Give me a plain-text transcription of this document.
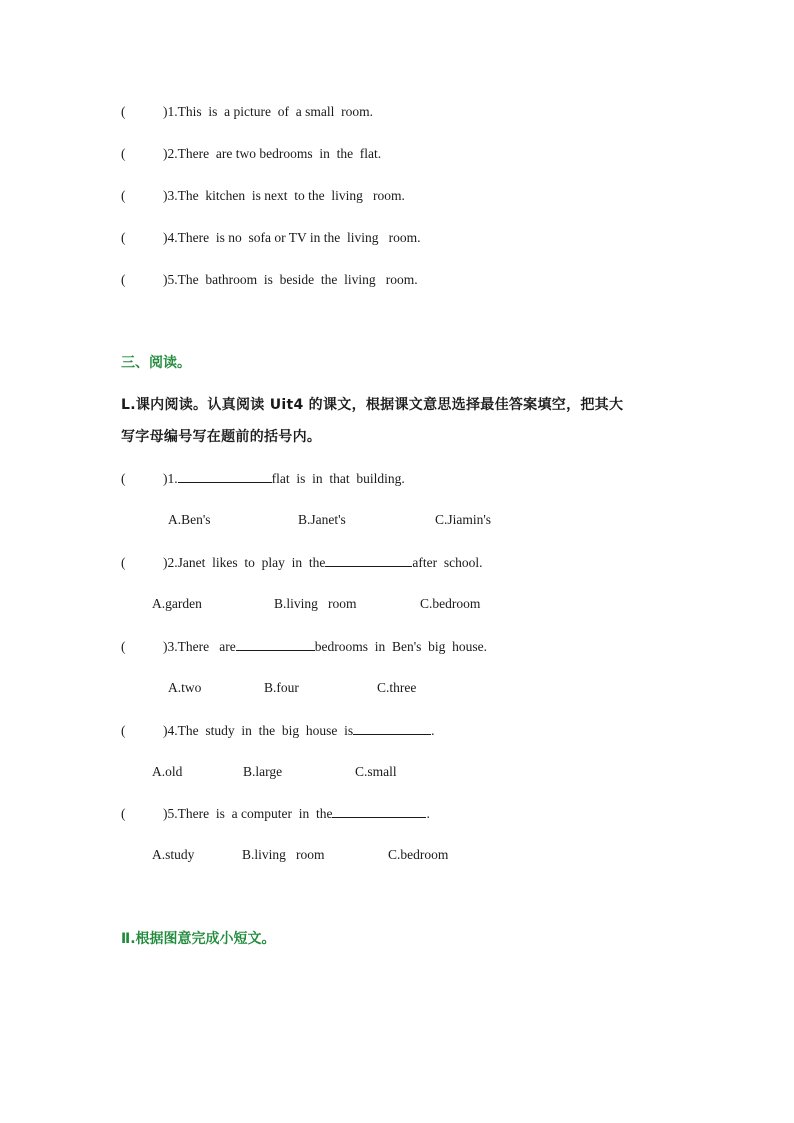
(	)1.This  is  a picture  of  a small  room.
(	)2.There  are two bedrooms  in  the  flat.
(	)3.The  kitchen  is next  to the  living   room.
(	)4.There  is no  sofa or TV in the  living   room.
(	)5.The  bathroom  is  beside  the  living   room.
三、阅读。
L.课内阅读。认真阅读 Uit4 的课文，根据课文意思选择最佳答案填空，把其大
写字母编号写在题前的括号内。
(	)1.	flat  is  in  that  building.
A.Ben's	B.Janet's	C.Jiamin's
(	)2.Janet  likes  to  play  in  the	after  school.
A.garden	B.living   room	C.bedroom
(	)3.There   are	bedrooms  in  Ben's  big  house.
A.two	B.four	C.three
(	)4.The  study  in  the  big  house  is	.
A.old	B.large	C.small
(	)5.There  is  a computer  in  the	.
A.study	B.living   room	C.bedroom
Ⅱ.根据图意完成小短文。
